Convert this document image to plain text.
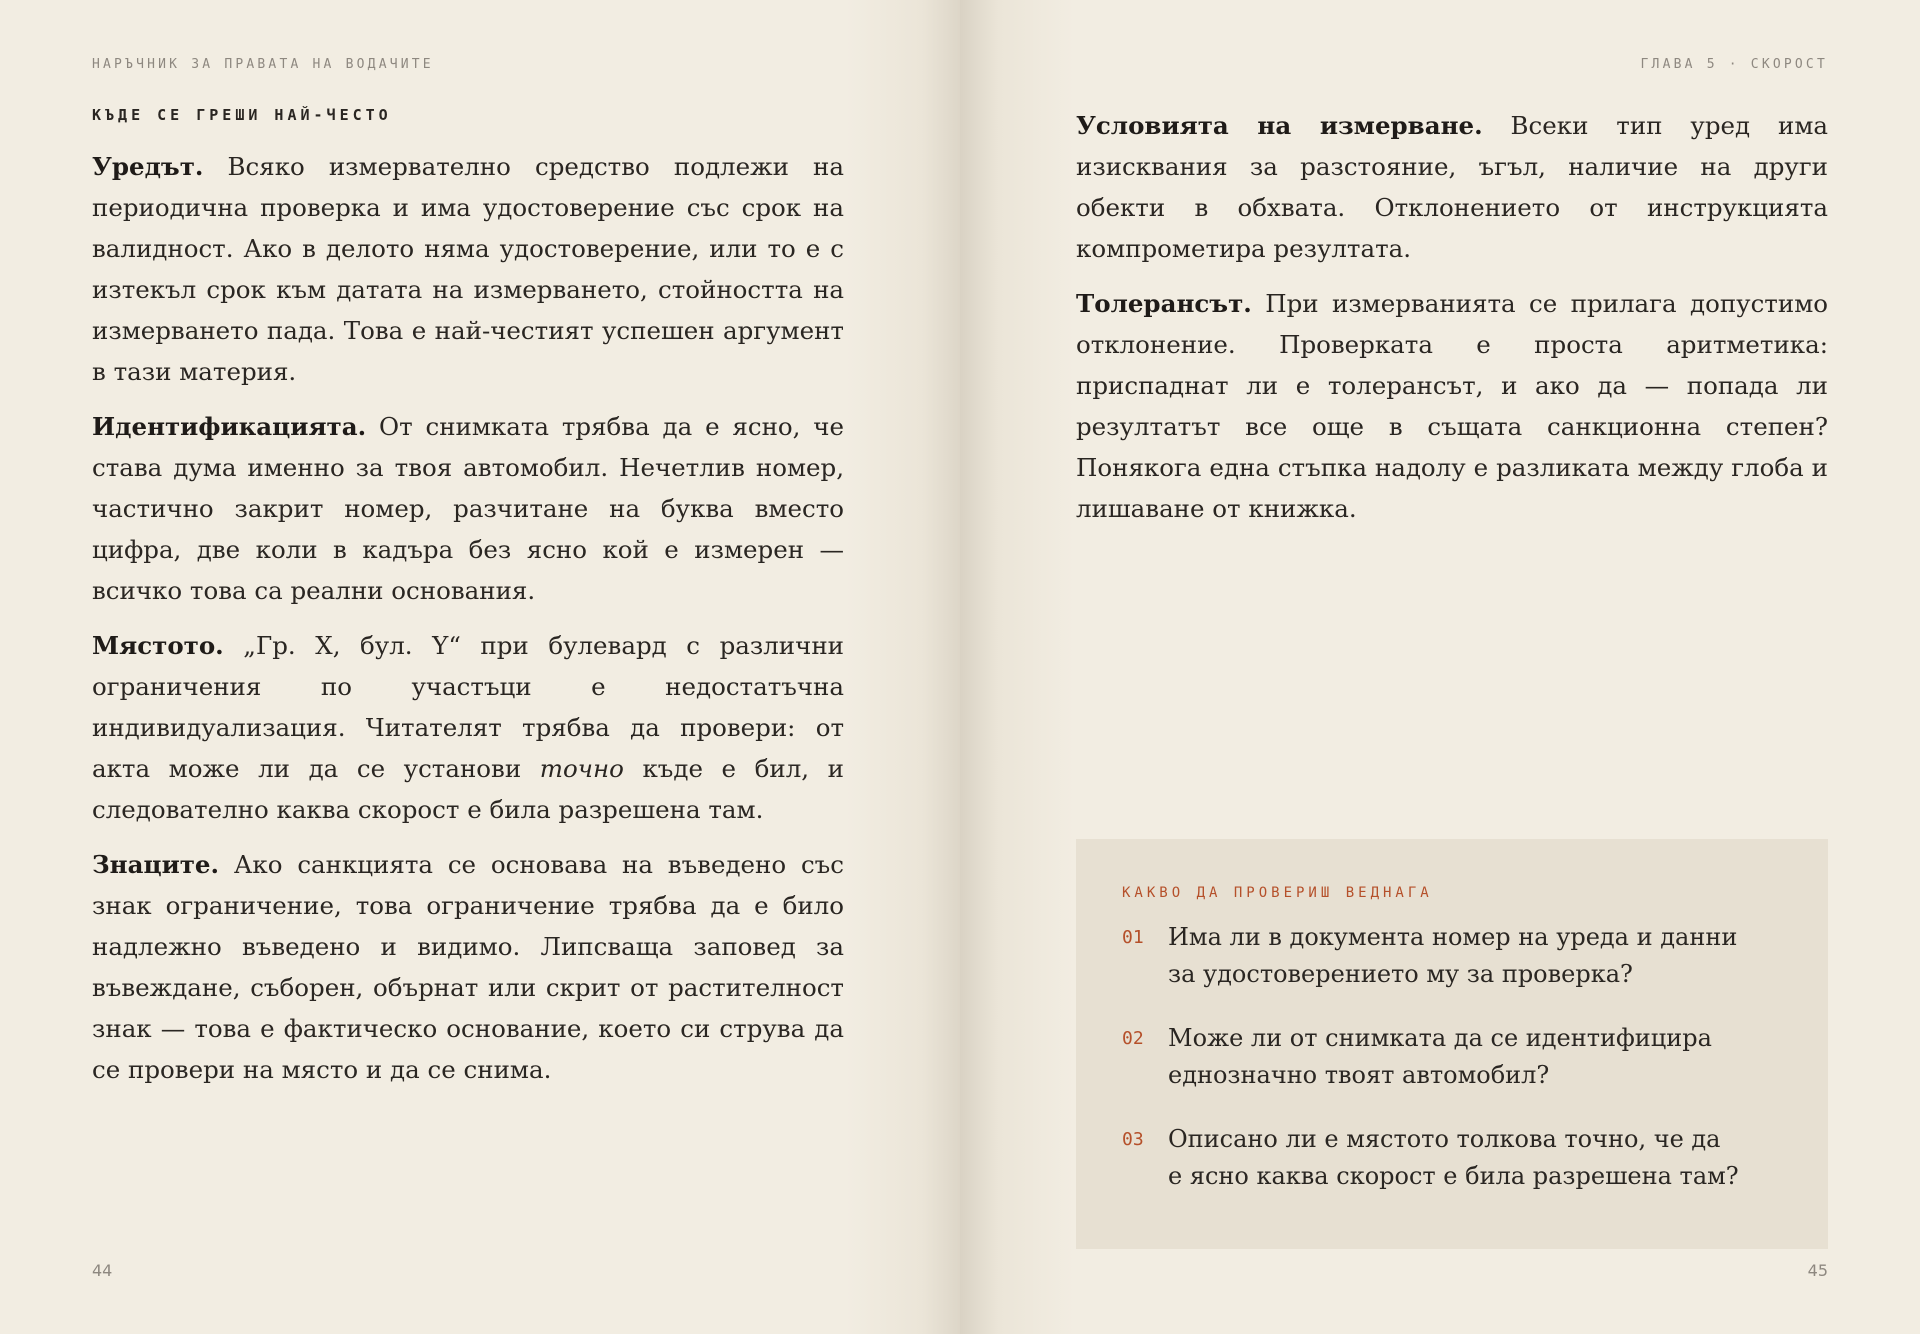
НАРЪЧНИК ЗА ПРАВАТА НА ВОДАЧИТЕ
КЪДЕ СЕ ГРЕШИ НАЙ-ЧЕСТО

Уредът. Всяко измервателно средство подлежи на периодична проверка и има удостоверение със срок на валидност. Ако в делото няма удостоверение, или то е с изтекъл срок към датата на измерването, стойността на измерването пада. Това е най-честият успешен аргумент в тази материя.

Идентификацията. От снимката трябва да е ясно, че става дума именно за твоя автомобил. Нечетлив номер, частично закрит номер, разчитане на буква вместо цифра, две коли в кадъра без ясно кой е измерен — всичко това са реални основания.

Мястото. „Гр. X, бул. Y“ при булевард с различни ограничения по участъци е недостатъчна индивидуализация. Читателят трябва да провери: от акта може ли да се установи точно къде е бил, и следователно каква скорост е била разрешена там.

Знаците. Ако санкцията се основава на въведено със знак ограничение, това ограничение трябва да е било надлежно въведено и видимо. Липсваща заповед за въвеждане, съборен, обърнат или скрит от растителност знак — това е фактическо основание, което си струва да се провери на място и да се снима.

44
ГЛАВА 5 · СКОРОСТ

Условията на измерване. Всеки тип уред има изисквания за разстояние, ъгъл, наличие на други обекти в обхвата. Отклонението от инструкцията компрометира резултата.

Толерансът. При измерванията се прилага допустимо отклонение. Проверката е проста аритметика: приспаднат ли е толерансът, и ако да — попада ли резултатът все още в същата санкционна степен? Понякога една стъпка надолу е разликата между глоба и лишаване от книжка.

КАКВО ДА ПРОВЕРИШ ВЕДНАГА
01	Има ли в документа номер на уреда и данни за удостоверението му за проверка?
02	Може ли от снимката да се идентифицира еднозначно твоят автомобил?
03	Описано ли е мястото толкова точно, че да е ясно каква скорост е била разрешена там?
45
